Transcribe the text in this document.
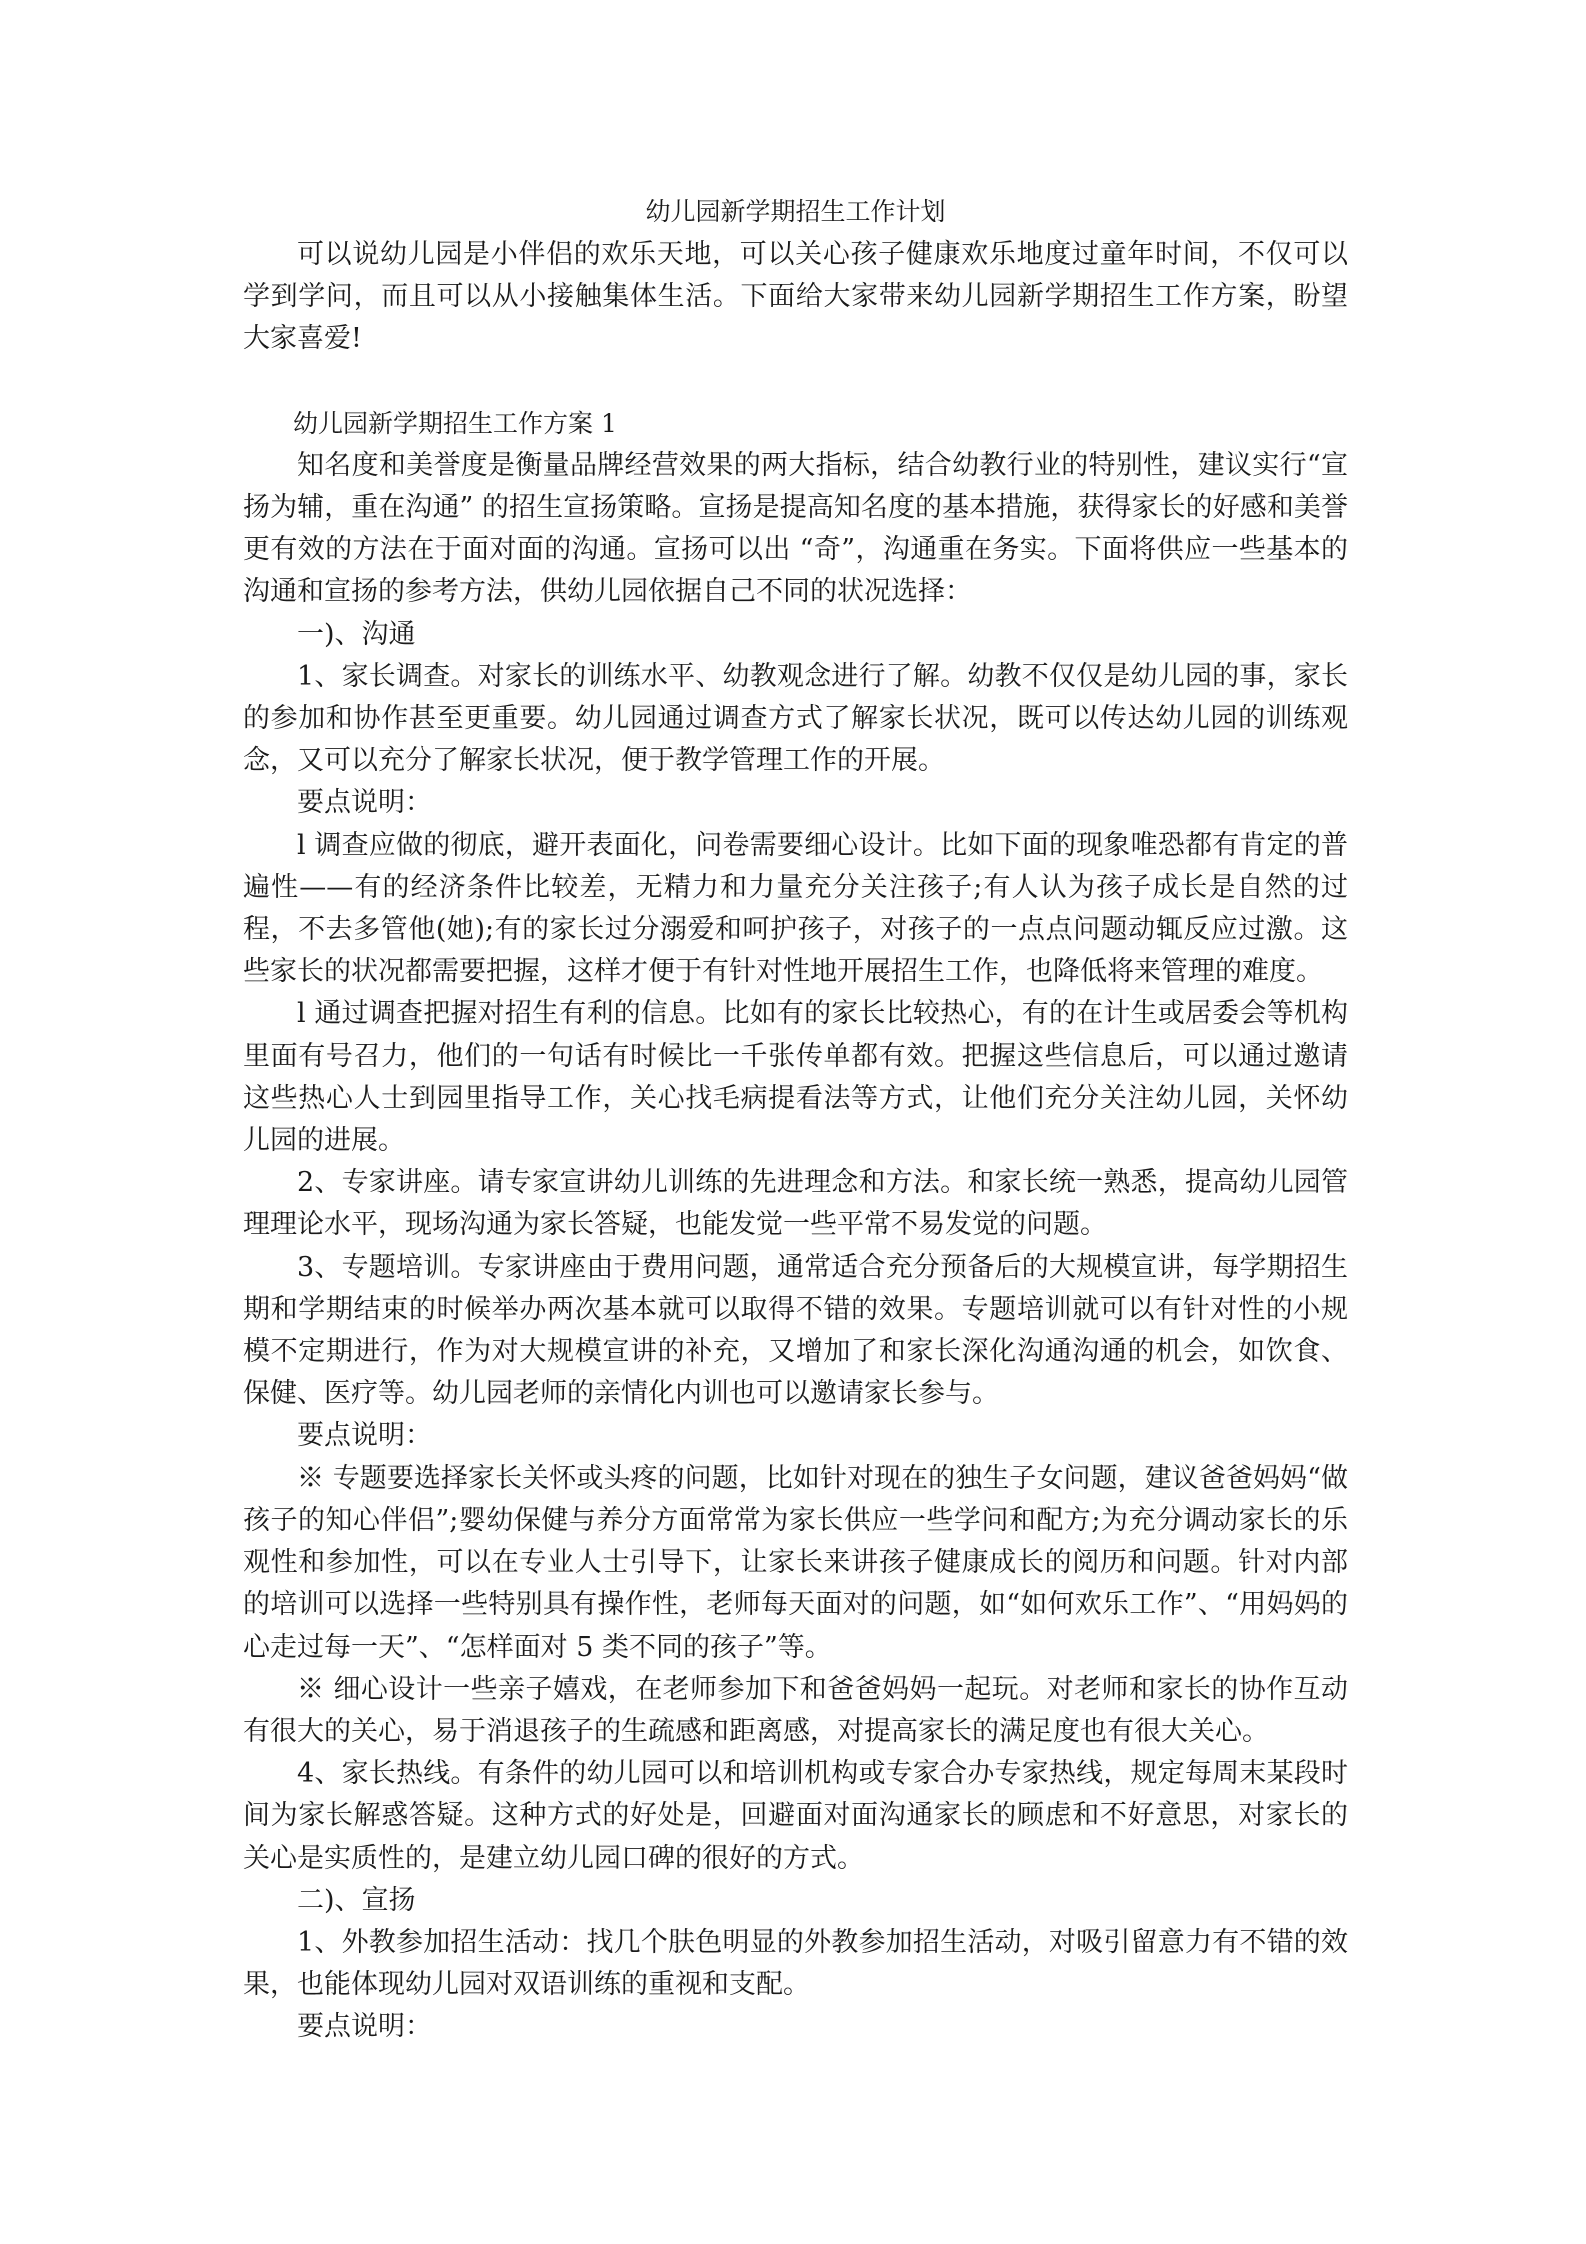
幼儿园新学期招生工作计划

可以说幼儿园是小伴侣的欢乐天地，可以关心孩子健康欢乐地度过童年时间，不仅可以学到学问，而且可以从小接触集体生活。下面给大家带来幼儿园新学期招生工作方案，盼望大家喜爱!

幼儿园新学期招生工作方案 1

知名度和美誉度是衡量品牌经营效果的两大指标，结合幼教行业的特别性，建议实行“宣扬为辅，重在沟通” 的招生宣扬策略。宣扬是提高知名度的基本措施，获得家长的好感和美誉更有效的方法在于面对面的沟通。宣扬可以出 “奇”，沟通重在务实。下面将供应一些基本的沟通和宣扬的参考方法，供幼儿园依据自己不同的状况选择：

一)、沟通

1、家长调查。对家长的训练水平、幼教观念进行了解。幼教不仅仅是幼儿园的事，家长的参加和协作甚至更重要。幼儿园通过调查方式了解家长状况，既可以传达幼儿园的训练观念，又可以充分了解家长状况，便于教学管理工作的开展。

要点说明：

l 调查应做的彻底，避开表面化，问卷需要细心设计。比如下面的现象唯恐都有肯定的普遍性——有的经济条件比较差，无精力和力量充分关注孩子;有人认为孩子成长是自然的过程，不去多管他(她);有的家长过分溺爱和呵护孩子，对孩子的一点点问题动辄反应过激。这些家长的状况都需要把握，这样才便于有针对性地开展招生工作，也降低将来管理的难度。

l 通过调查把握对招生有利的信息。比如有的家长比较热心，有的在计生或居委会等机构里面有号召力，他们的一句话有时候比一千张传单都有效。把握这些信息后，可以通过邀请这些热心人士到园里指导工作，关心找毛病提看法等方式，让他们充分关注幼儿园，关怀幼儿园的进展。

2、专家讲座。请专家宣讲幼儿训练的先进理念和方法。和家长统一熟悉，提高幼儿园管理理论水平，现场沟通为家长答疑，也能发觉一些平常不易发觉的问题。

3、专题培训。专家讲座由于费用问题，通常适合充分预备后的大规模宣讲，每学期招生期和学期结束的时候举办两次基本就可以取得不错的效果。专题培训就可以有针对性的小规模不定期进行，作为对大规模宣讲的补充，又增加了和家长深化沟通沟通的机会，如饮食、保健、医疗等。幼儿园老师的亲情化内训也可以邀请家长参与。

要点说明：

※ 专题要选择家长关怀或头疼的问题，比如针对现在的独生子女问题，建议爸爸妈妈“做孩子的知心伴侣”;婴幼保健与养分方面常常为家长供应一些学问和配方;为充分调动家长的乐观性和参加性，可以在专业人士引导下，让家长来讲孩子健康成长的阅历和问题。针对内部的培训可以选择一些特别具有操作性，老师每天面对的问题，如“如何欢乐工作”、“用妈妈的心走过每一天”、“怎样面对 5 类不同的孩子”等。

※ 细心设计一些亲子嬉戏，在老师参加下和爸爸妈妈一起玩。对老师和家长的协作互动有很大的关心，易于消退孩子的生疏感和距离感，对提高家长的满足度也有很大关心。

4、家长热线。有条件的幼儿园可以和培训机构或专家合办专家热线，规定每周末某段时间为家长解惑答疑。这种方式的好处是，回避面对面沟通家长的顾虑和不好意思，对家长的关心是实质性的，是建立幼儿园口碑的很好的方式。

二)、宣扬

1、外教参加招生活动：找几个肤色明显的外教参加招生活动，对吸引留意力有不错的效果，也能体现幼儿园对双语训练的重视和支配。

要点说明：
